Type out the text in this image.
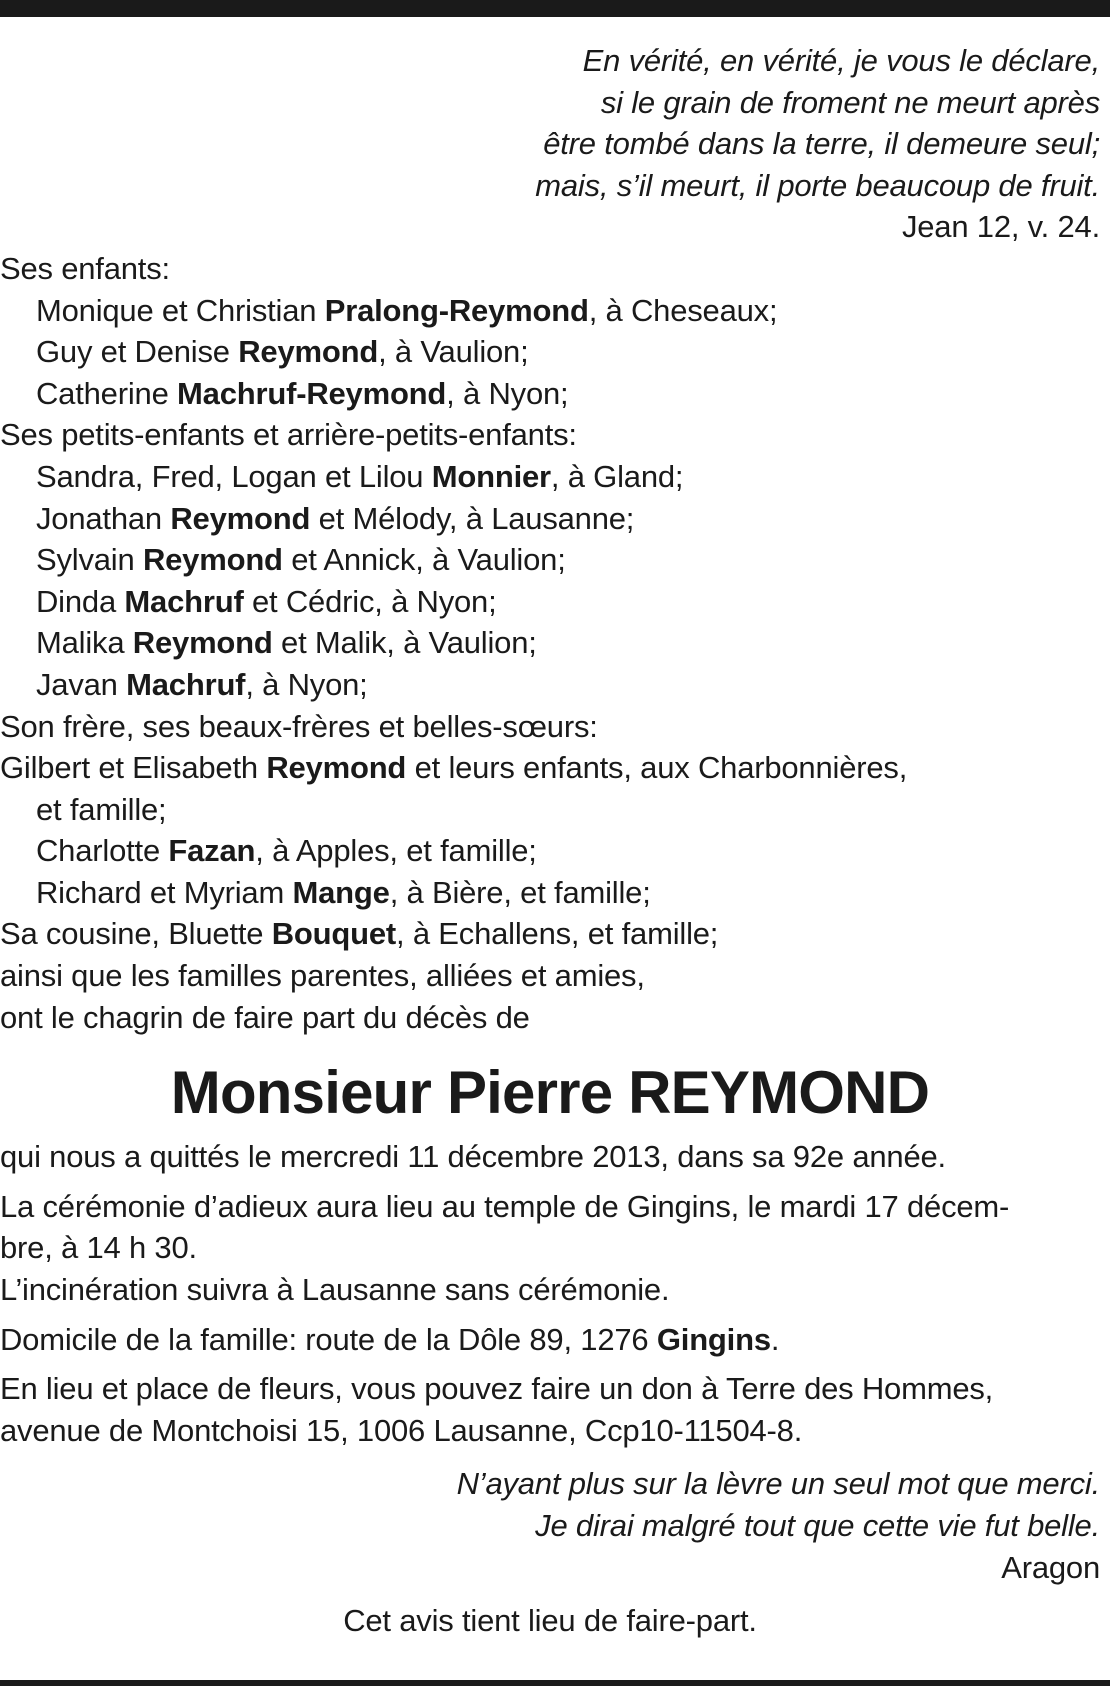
En vérité, en vérité, je vous le déclare,
si le grain de froment ne meurt après
être tombé dans la terre, il demeure seul;
mais, s’il meurt, il porte beaucoup de fruit.
Jean 12, v. 24.
Ses enfants:
Monique et Christian Pralong-Reymond, à Cheseaux;
Guy et Denise Reymond, à Vaulion;
Catherine Machruf-Reymond, à Nyon;
Ses petits-enfants et arrière-petits-enfants:
Sandra, Fred, Logan et Lilou Monnier, à Gland;
Jonathan Reymond et Mélody, à Lausanne;
Sylvain Reymond et Annick, à Vaulion;
Dinda Machruf et Cédric, à Nyon;
Malika Reymond et Malik, à Vaulion;
Javan Machruf, à Nyon;
Son frère, ses beaux-frères et belles-sœurs:
Gilbert et Elisabeth Reymond et leurs enfants, aux Charbonnières,
et famille;
Charlotte Fazan, à Apples, et famille;
Richard et Myriam Mange, à Bière, et famille;
Sa cousine, Bluette Bouquet, à Echallens, et famille;
ainsi que les familles parentes, alliées et amies,
ont le chagrin de faire part du décès de
Monsieur Pierre REYMOND
qui nous a quittés le mercredi 11 décembre 2013, dans sa 92e année.
La cérémonie d’adieux aura lieu au temple de Gingins, le mardi 17 décem-
bre, à 14 h 30.
L’incinération suivra à Lausanne sans cérémonie.
Domicile de la famille: route de la Dôle 89, 1276 Gingins.
En lieu et place de fleurs, vous pouvez faire un don à Terre des Hommes,
avenue de Montchoisi 15, 1006 Lausanne, Ccp10-11504-8.
N’ayant plus sur la lèvre un seul mot que merci.
Je dirai malgré tout que cette vie fut belle.
Aragon
Cet avis tient lieu de faire-part.
